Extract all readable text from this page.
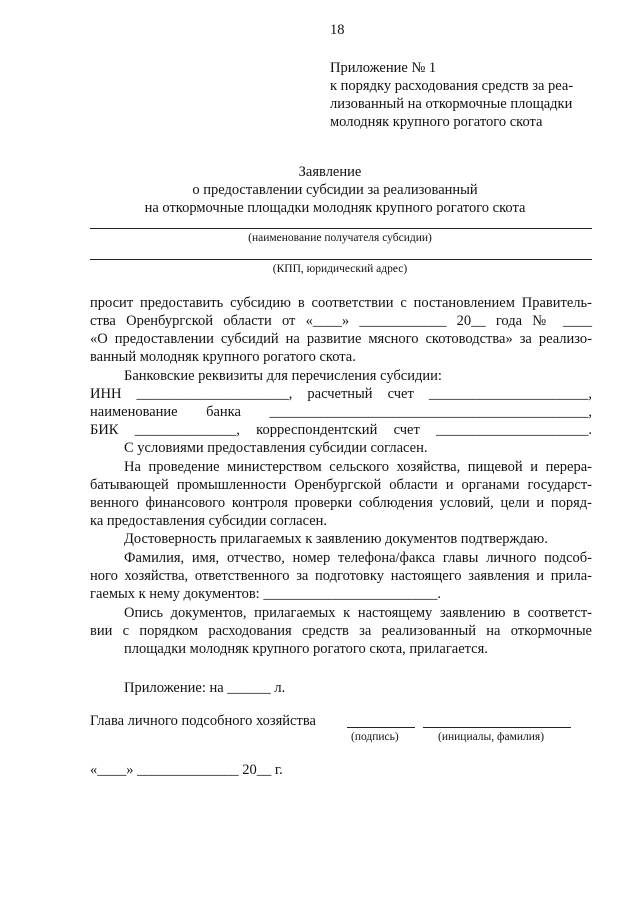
18
Приложение № 1
к порядку расходования средств за реа-
лизованный на откормочные площадки
молодняк крупного рогатого скота
Заявление
о предоставлении субсидии за реализованный
на откормочные площадки молодняк крупного рогатого скота
(наименование получателя субсидии)
(КПП, юридический адрес)
просит предоставить субсидию в соответствии с постановлением Правитель-
ства Оренбургской области от «____» ____________ 20__ года № ____
«О предоставлении субсидий на развитие мясного скотоводства» за реализо-
ванный молодняк крупного рогатого скота.
Банковские реквизиты для перечисления субсидии:
ИНН _____________________, расчетный счет ______________________,
наименование банка ____________________________________________,
БИК ______________, корреспондентский счет _____________________.
С условиями предоставления субсидии согласен.
На проведение министерством сельского хозяйства, пищевой и перера-
батывающей промышленности Оренбургской области и органами государст-
венного финансового контроля проверки соблюдения условий, цели и поряд-
ка предоставления субсидии согласен.
Достоверность прилагаемых к заявлению документов подтверждаю.
Фамилия, имя, отчество, номер телефона/факса главы личного подсоб-
ного хозяйства, ответственного за подготовку настоящего заявления и прила-
гаемых к нему документов: ________________________.
Опись документов, прилагаемых к настоящему заявлению в соответст-
вии с порядком расходования средств за реализованный на откормочные
площадки молодняк крупного рогатого скота, прилагается.
Приложение: на ______ л.
Глава личного подсобного хозяйства
(подпись)	(инициалы, фамилия)
«____» ______________ 20__ г.
